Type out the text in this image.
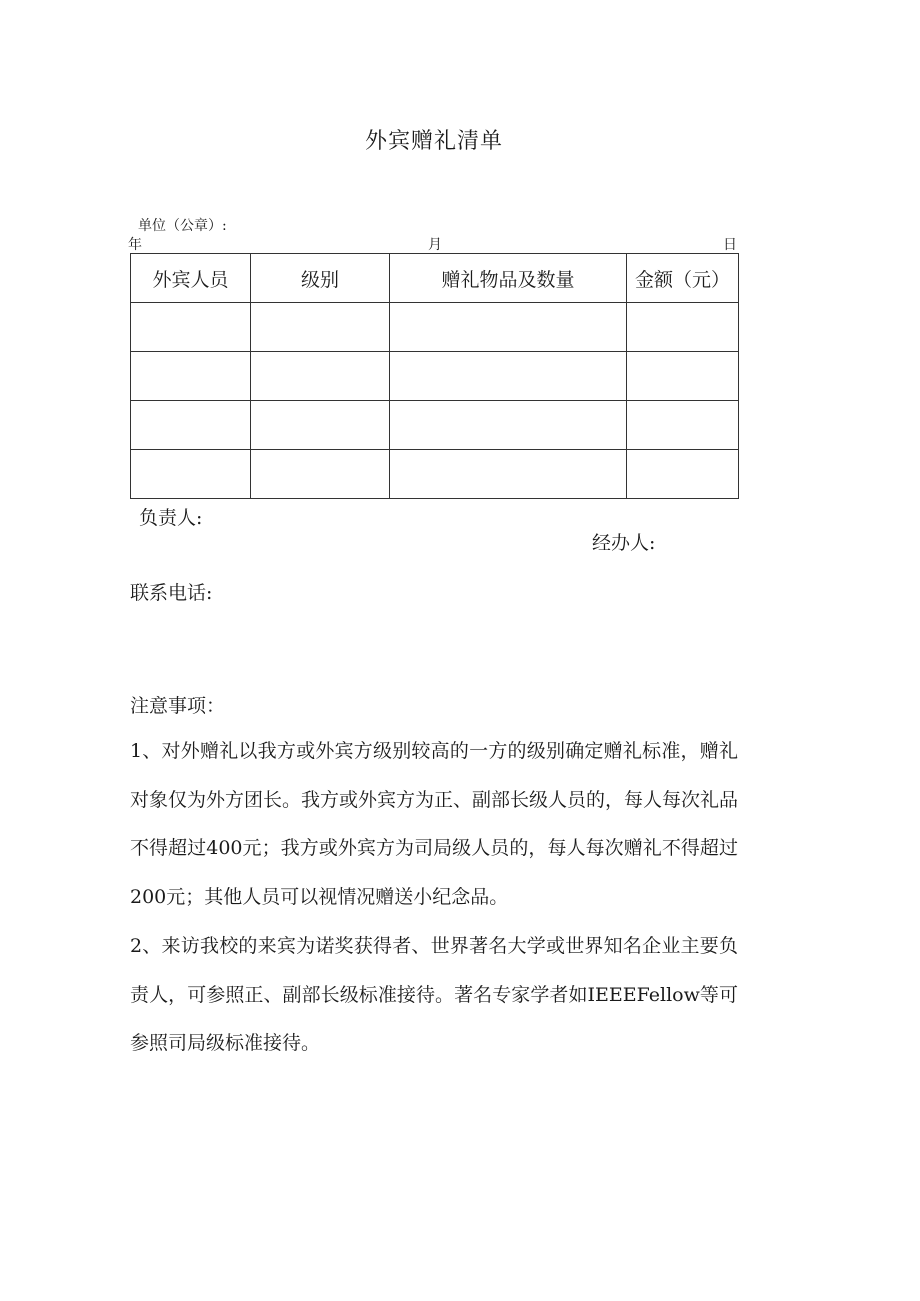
外宾赠礼清单
单位（公章）:
年	月	日
外宾人员	级别	赠礼物品及数量	金额（元）

负责人:
经办人:
联系电话:
注意事项：
1、对外赠礼以我方或外宾方级别较高的一方的级别确定赠礼标准，赠礼对象仅为外方团长。我方或外宾方为正、副部长级人员的，每人每次礼品不得超过400元；我方或外宾方为司局级人员的，每人每次赠礼不得超过200元；其他人员可以视情况赠送小纪念品。
2、来访我校的来宾为诺奖获得者、世界著名大学或世界知名企业主要负责人，可参照正、副部长级标准接待。著名专家学者如IEEEFellow等可参照司局级标准接待。
